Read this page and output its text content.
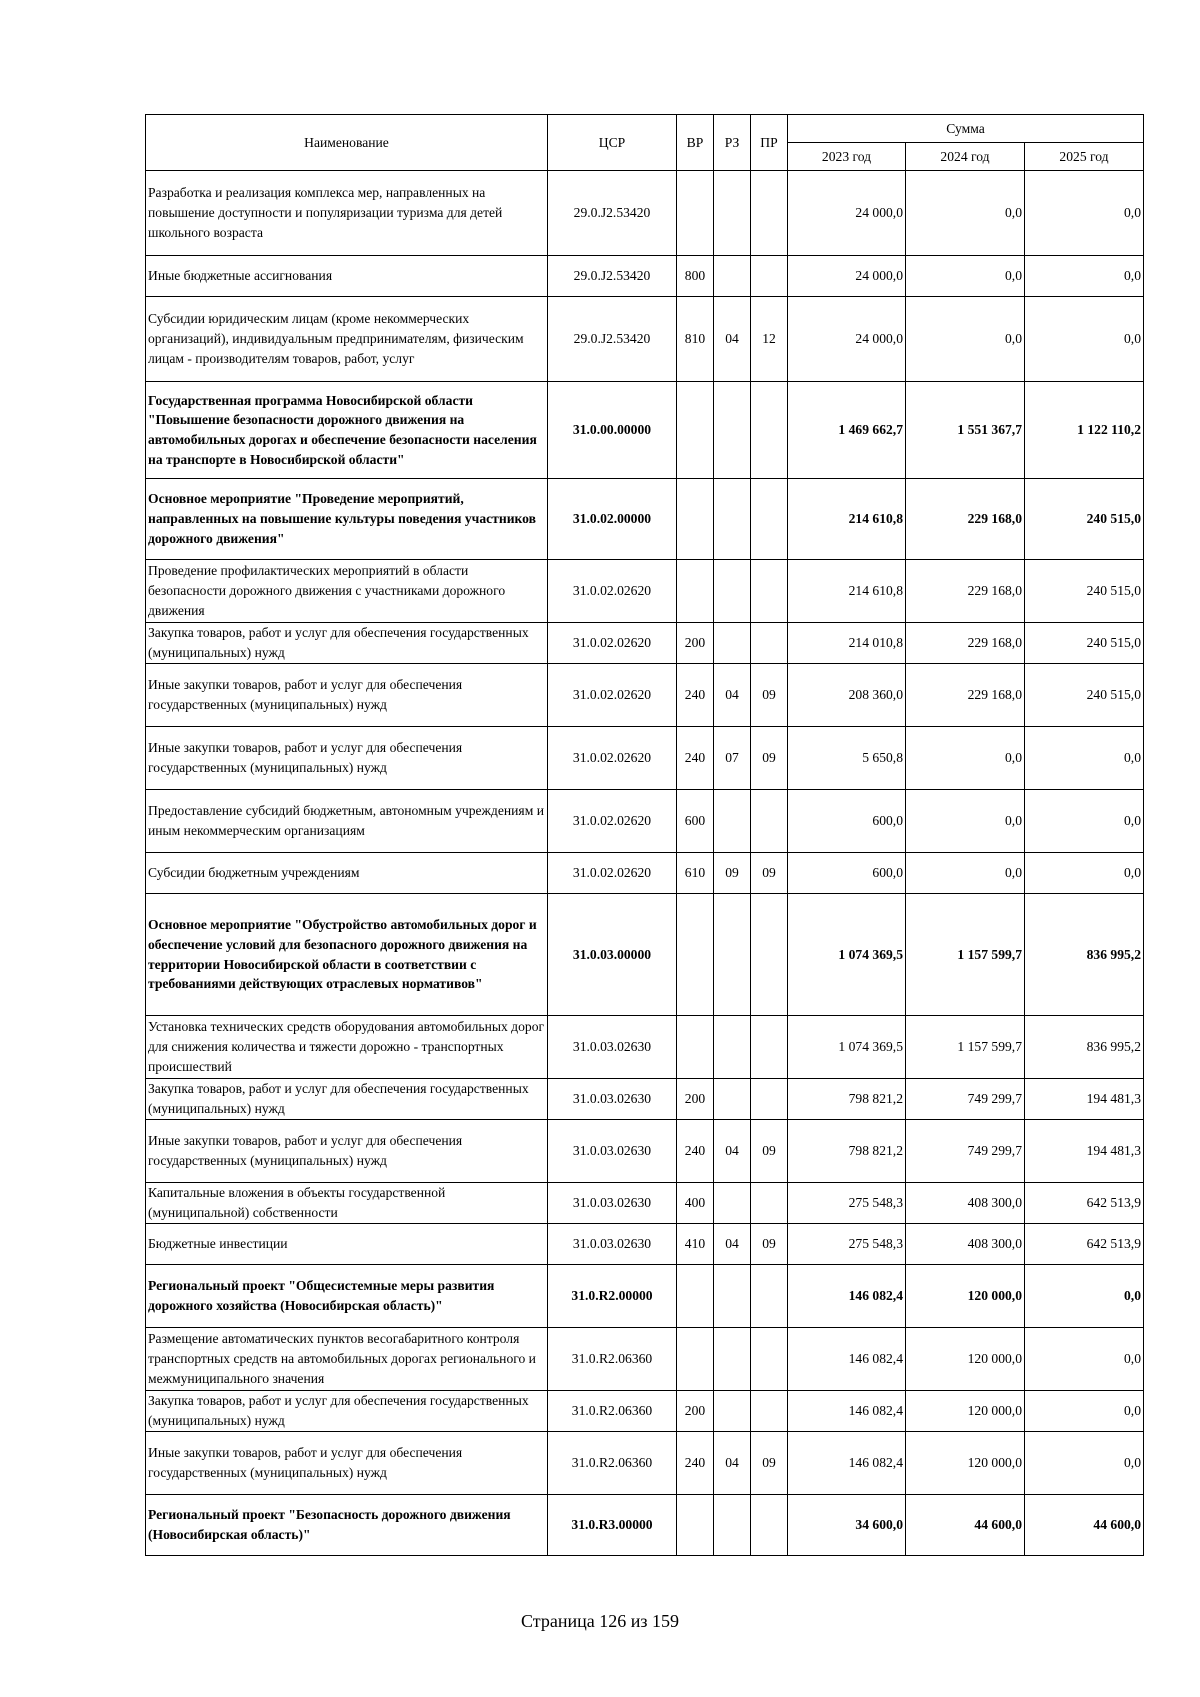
Наименование	ЦСР	ВР	РЗ	ПР	Сумма		
					2023 год	2024 год	2025 год
Разработка и реализация комплекса мер, направленных на повышение доступности и популяризации туризма для детей школьного возраста	29.0.J2.53420				24 000,0	0,0	0,0
Иные бюджетные ассигнования	29.0.J2.53420	800			24 000,0	0,0	0,0
Субсидии юридическим лицам (кроме некоммерческих организаций), индивидуальным предпринимателям, физическим лицам - производителям товаров, работ, услуг	29.0.J2.53420	810	04	12	24 000,0	0,0	0,0
Государственная программа Новосибирской области "Повышение безопасности дорожного движения на автомобильных дорогах и обеспечение безопасности населения на транспорте в Новосибирской области"	31.0.00.00000				1 469 662,7	1 551 367,7	1 122 110,2
Основное мероприятие "Проведение мероприятий, направленных на повышение культуры поведения участников дорожного движения"	31.0.02.00000				214 610,8	229 168,0	240 515,0
Проведение профилактических мероприятий в области безопасности дорожного движения с участниками дорожного движения	31.0.02.02620				214 610,8	229 168,0	240 515,0
Закупка товаров, работ и услуг для обеспечения государственных (муниципальных) нужд	31.0.02.02620	200			214 010,8	229 168,0	240 515,0
Иные закупки товаров, работ и услуг для обеспечения государственных (муниципальных) нужд	31.0.02.02620	240	04	09	208 360,0	229 168,0	240 515,0
Иные закупки товаров, работ и услуг для обеспечения государственных (муниципальных) нужд	31.0.02.02620	240	07	09	5 650,8	0,0	0,0
Предоставление субсидий бюджетным, автономным учреждениям и иным некоммерческим организациям	31.0.02.02620	600			600,0	0,0	0,0
Субсидии бюджетным учреждениям	31.0.02.02620	610	09	09	600,0	0,0	0,0
Основное мероприятие "Обустройство автомобильных дорог и обеспечение условий для безопасного дорожного движения на территории Новосибирской области в соответствии с требованиями действующих отраслевых нормативов"	31.0.03.00000				1 074 369,5	1 157 599,7	836 995,2
Установка технических средств оборудования автомобильных дорог для снижения количества и тяжести дорожно - транспортных происшествий	31.0.03.02630				1 074 369,5	1 157 599,7	836 995,2
Закупка товаров, работ и услуг для обеспечения государственных (муниципальных) нужд	31.0.03.02630	200			798 821,2	749 299,7	194 481,3
Иные закупки товаров, работ и услуг для обеспечения государственных (муниципальных) нужд	31.0.03.02630	240	04	09	798 821,2	749 299,7	194 481,3
Капитальные вложения в объекты государственной (муниципальной) собственности	31.0.03.02630	400			275 548,3	408 300,0	642 513,9
Бюджетные инвестиции	31.0.03.02630	410	04	09	275 548,3	408 300,0	642 513,9
Региональный проект "Общесистемные меры развития дорожного хозяйства (Новосибирская область)"	31.0.R2.00000				146 082,4	120 000,0	0,0
Размещение автоматических пунктов весогабаритного контроля транспортных средств на автомобильных дорогах регионального и межмуниципального значения	31.0.R2.06360				146 082,4	120 000,0	0,0
Закупка товаров, работ и услуг для обеспечения государственных (муниципальных) нужд	31.0.R2.06360	200			146 082,4	120 000,0	0,0
Иные закупки товаров, работ и услуг для обеспечения государственных (муниципальных) нужд	31.0.R2.06360	240	04	09	146 082,4	120 000,0	0,0
Региональный проект "Безопасность дорожного движения (Новосибирская область)"	31.0.R3.00000				34 600,0	44 600,0	44 600,0
Страница 126 из 159
